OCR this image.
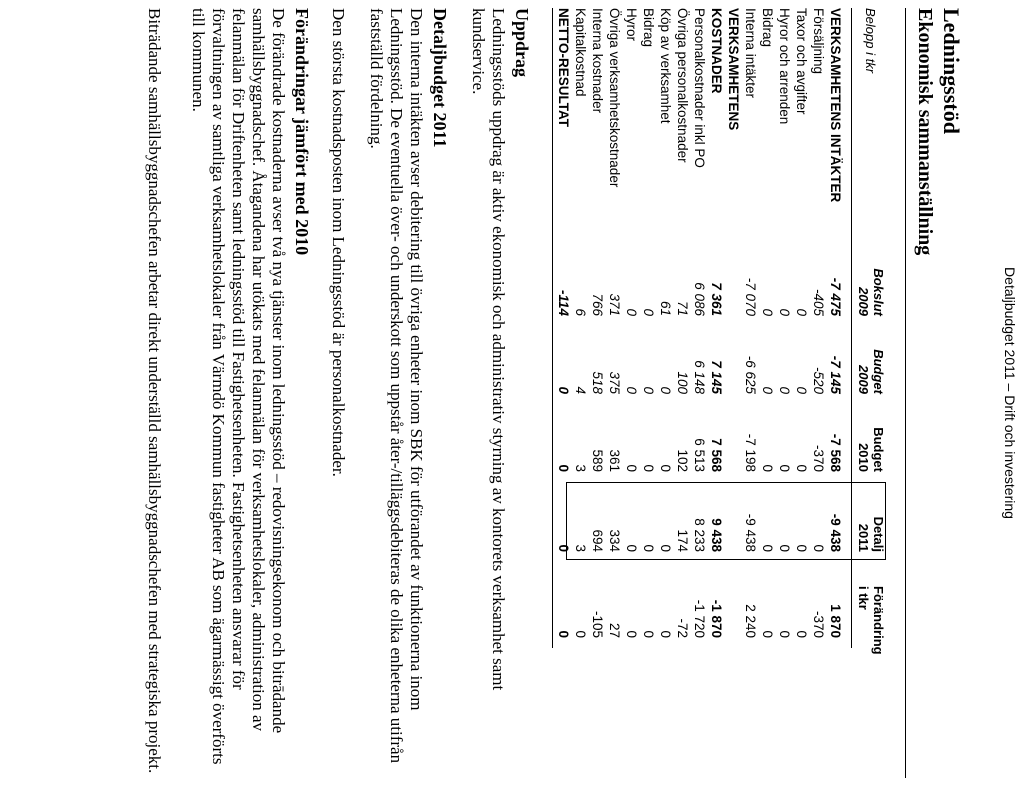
Detaljbudget 2011 – Drift och investering
Ledningsstöd
Ekonomisk sammanställning
Belopp i tkr
Bokslut
2009
Budget
2009
Budget
2010
Detalj
2011
Förändring
i tkr
VERKSAMHETENS INTÄKTER
-7 475
-7 145
-7 568
-9 438
1 870
Försäljning
-405
-520
-370
0
-370
Taxor och avgifter
0
0
0
0
0
Hyror och arrenden
0
0
0
0
0
Bidrag
0
0
0
0
0
Interna intäkter
-7 070
-6 625
-7 198
-9 438
2 240
VERKSAMHETENS
KOSTNADER
7 361
7 145
7 568
9 438
-1 870
Personalkostnader inkl PO
6 086
6 148
6 513
8 233
-1 720
Övriga personalkostnader
71
100
102
174
-72
Köp av verksamhet
61
0
0
0
0
Bidrag
0
0
0
0
0
Hyror
0
0
0
0
0
Övriga verksamhetskostnader
371
375
361
334
27
Interna kostnader
766
518
589
694
-105
Kapitalkostnad
6
4
3
3
0
NETTO-RESULTAT
-114
0
0
0
0
Uppdrag

Ledningsstöds uppdrag är aktiv ekonomisk och administrativ styrning av kontorets verksamhet samt kundservice.

Detaljbudget 2011

Den interna intäkten avser debitering till övriga enheter inom SBK för utförandet av funktionerna inom Ledningsstöd. De eventuella över- och underskott som uppstår åter-/tilläggsdebiteras de olika enheterna utifrån fastställd fördelning.

Den största kostnadsposten inom Ledningsstöd är personalkostnader.

Förändringar jämfört med 2010

De förändrade kostnaderna avser två nya tjänster inom ledningsstöd – redovisningsekonom och bitrādande samhällsbyggnadschef. Åtagandena har utökats med felanmälan för verksamhetslokaler, administration av felanmälan för Driftenheten samt ledningsstöd till Fastighetsenheten. Fastighetsenheten ansvarar för förvaltningen av samtliga verksamhetslokaler från Värmdö Kommun fastigheter AB som ägarmässigt överförts till kommunen.

Biträdande samhällsbyggnadschefen arbetar direkt underställd samhällsbyggnadschefen med strategiska projekt.
